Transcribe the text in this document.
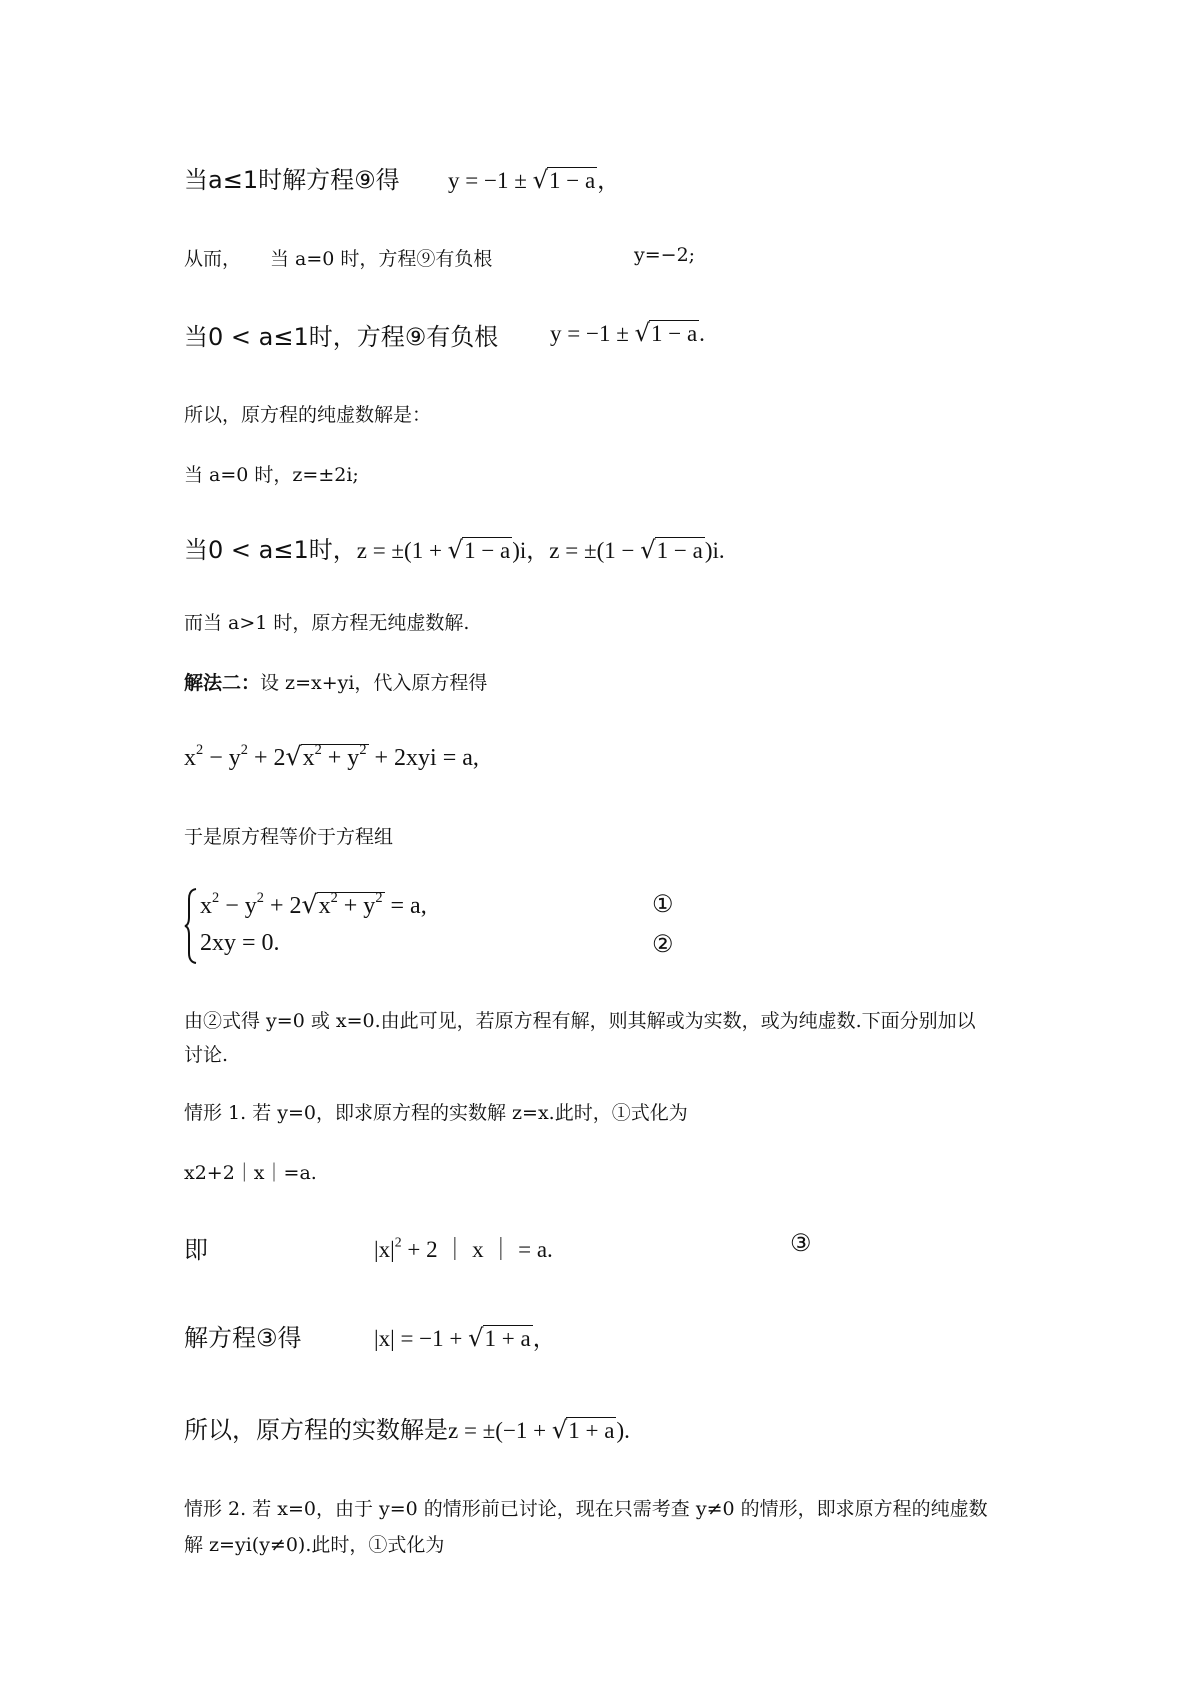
当a≤1时解方程⑨得 y = −1 ± √1 − a，
从而， 当 a=0 时，方程⑨有负根	y=−2;
当0 < a≤1时，方程⑨有负根 y = −1 ± √1 − a.
所以，原方程的纯虚数解是：
当 a=0 时，z=±2i;
当0 < a≤1时，z = ±(1 + √1 − a)i，z = ±(1 − √1 − a)i.
而当 a>1 时，原方程无纯虚数解.
解法二：设 z=x+yi，代入原方程得
$x^2 - y^2 + 2√x^2 + y^2 + 2xyi = a$,
于是原方程等价于方程组
$x^2 - y^2 + 2√x^2 + y^2 = a$,	①
2xy = 0.	②
由②式得 y=0 或 x=0.由此可见，若原方程有解，则其解或为实数，或为纯虚数.下面分别加以
讨论.
情形 1. 若 y=0，即求原方程的实数解 z=x.此时，①式化为
x2+2｜x｜=a.
即	$|x|^2 + 2$ ｜ x ｜ = a.	③
解方程③得	|x| = −1 + √1 + a，
所以，原方程的实数解是z = ±(−1 + √1 + a).
情形 2. 若 x=0，由于 y=0 的情形前已讨论，现在只需考查 y≠0 的情形，即求原方程的纯虚数
解 z=yi(y≠0).此时，①式化为
